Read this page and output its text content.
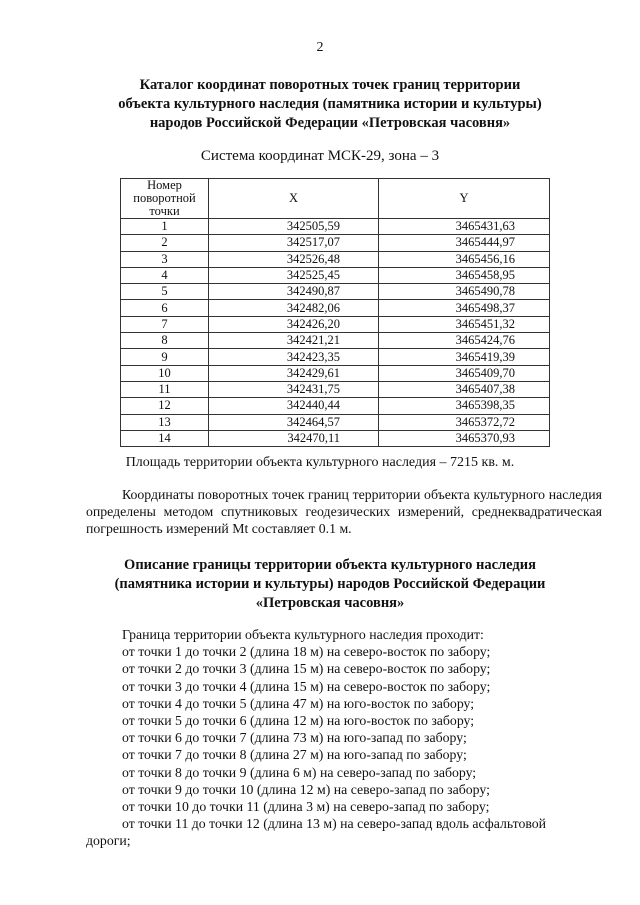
2
Каталог координат поворотных точек границ территории
объекта культурного наследия (памятника истории и культуры)
народов Российской Федерации «Петровская часовня»
Система координат МСК-29, зона – 3
Номер поворотной точки	X	Y
1	342505,59	3465431,63
2	342517,07	3465444,97
3	342526,48	3465456,16
4	342525,45	3465458,95
5	342490,87	3465490,78
6	342482,06	3465498,37
7	342426,20	3465451,32
8	342421,21	3465424,76
9	342423,35	3465419,39
10	342429,61	3465409,70
11	342431,75	3465407,38
12	342440,44	3465398,35
13	342464,57	3465372,72
14	342470,11	3465370,93
Площадь территории объекта культурного наследия – 7215 кв. м.

Координаты поворотных точек границ территории объекта культурного наследия определены методом спутниковых геодезических измерений, среднеквадратическая погрешность измерений Mt составляет 0.1 м.

Описание границы территории объекта культурного наследия
(памятника истории и культуры) народов Российской Федерации
«Петровская часовня»
Граница территории объекта культурного наследия проходит:
от точки 1 до точки 2 (длина 18 м) на северо-восток по забору;
от точки 2 до точки 3 (длина 15 м) на северо-восток по забору;
от точки 3 до точки 4 (длина 15 м) на северо-восток по забору;
от точки 4 до точки 5 (длина 47 м) на юго-восток по забору;
от точки 5 до точки 6 (длина 12 м) на юго-восток по забору;
от точки 6 до точки 7 (длина 73 м) на юго-запад по забору;
от точки 7 до точки 8 (длина 27 м) на юго-запад по забору;
от точки 8 до точки 9 (длина 6 м) на северо-запад по забору;
от точки 9 до точки 10 (длина 12 м) на северо-запад по забору;
от точки 10 до точки 11 (длина 3 м) на северо-запад по забору;
от точки 11 до точки 12 (длина 13 м) на северо-запад вдоль асфальтовой
дороги;
